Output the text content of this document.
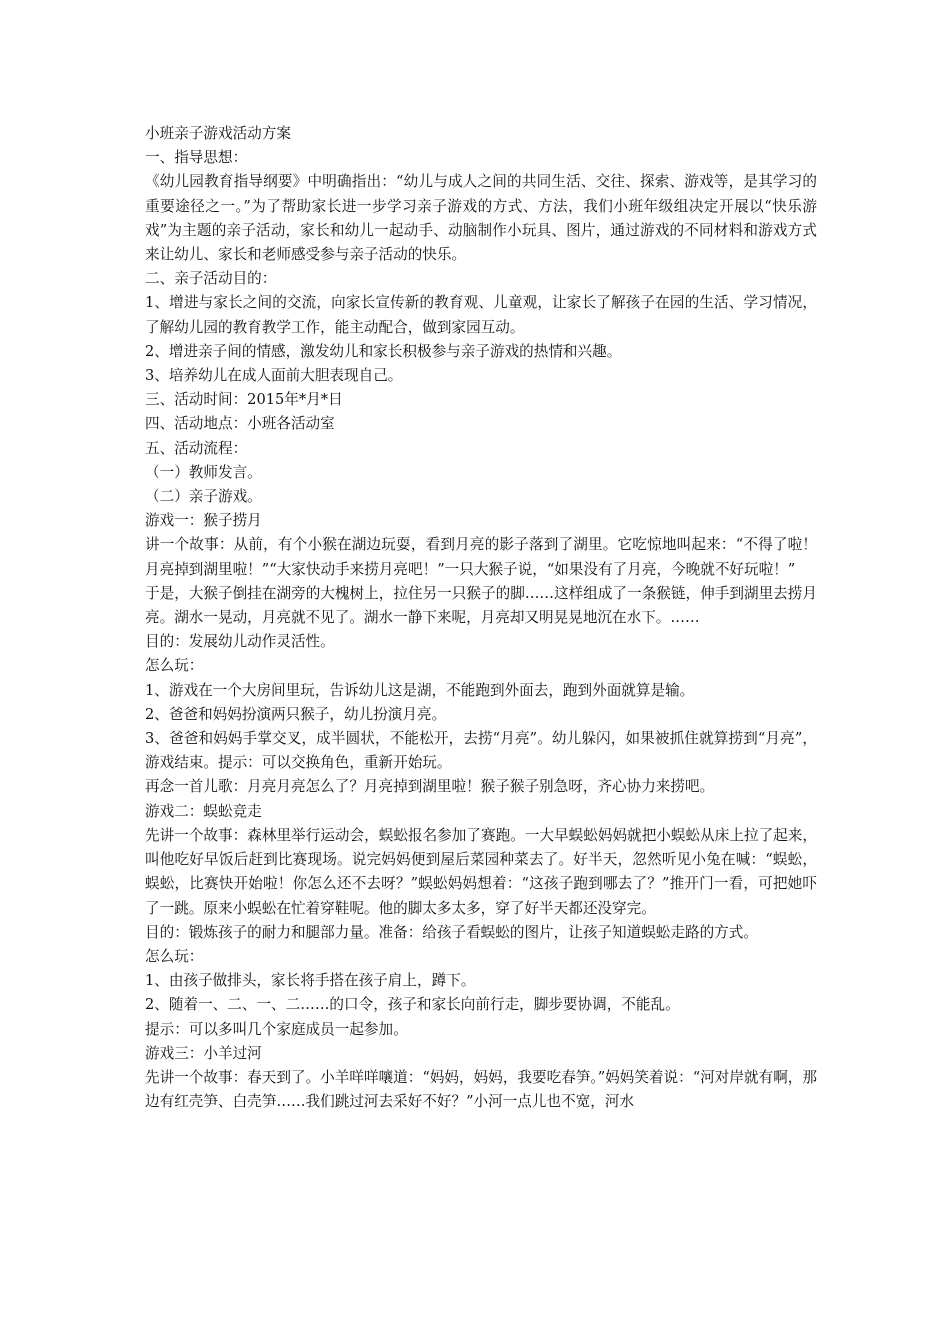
小班亲子游戏活动方案

一、指导思想：

《幼儿园教育指导纲要》中明确指出：“幼儿与成人之间的共同生活、交往、探索、游戏等，是其学习的重要途径之一。”为了帮助家长进一步学习亲子游戏的方式、方法，我们小班年级组决定开展以“快乐游戏”为主题的亲子活动，家长和幼儿一起动手、动脑制作小玩具、图片，通过游戏的不同材料和游戏方式来让幼儿、家长和老师感受参与亲子活动的快乐。

二、亲子活动目的：

1、增进与家长之间的交流，向家长宣传新的教育观、儿童观，让家长了解孩子在园的生活、学习情况，了解幼儿园的教育教学工作，能主动配合，做到家园互动。

2、增进亲子间的情感，激发幼儿和家长积极参与亲子游戏的热情和兴趣。

3、培养幼儿在成人面前大胆表现自己。

三、活动时间：2015年*月*日

四、活动地点：小班各活动室

五、活动流程：

（一）教师发言。

（二）亲子游戏。

游戏一：猴子捞月

讲一个故事：从前，有个小猴在湖边玩耍，看到月亮的影子落到了湖里。它吃惊地叫起来：“不得了啦！月亮掉到湖里啦！”“大家快动手来捞月亮吧！”一只大猴子说，“如果没有了月亮，今晚就不好玩啦！”

于是，大猴子倒挂在湖旁的大槐树上，拉住另一只猴子的脚……这样组成了一条猴链，伸手到湖里去捞月亮。湖水一晃动，月亮就不见了。湖水一静下来呢，月亮却又明晃晃地沉在水下。……

目的：发展幼儿动作灵活性。

怎么玩：

1、游戏在一个大房间里玩，告诉幼儿这是湖，不能跑到外面去，跑到外面就算是输。

2、爸爸和妈妈扮演两只猴子，幼儿扮演月亮。

3、爸爸和妈妈手掌交叉，成半圆状，不能松开，去捞“月亮”。幼儿躲闪，如果被抓住就算捞到“月亮”，游戏结束。提示：可以交换角色，重新开始玩。

再念一首儿歌：月亮月亮怎么了？月亮掉到湖里啦！猴子猴子别急呀，齐心协力来捞吧。

游戏二：蜈蚣竞走

先讲一个故事：森林里举行运动会，蜈蚣报名参加了赛跑。一大早蜈蚣妈妈就把小蜈蚣从床上拉了起来，叫他吃好早饭后赶到比赛现场。说完妈妈便到屋后菜园种菜去了。好半天，忽然听见小兔在喊：“蜈蚣，蜈蚣，比赛快开始啦！你怎么还不去呀？”蜈蚣妈妈想着：“这孩子跑到哪去了？”推开门一看，可把她吓了一跳。原来小蜈蚣在忙着穿鞋呢。他的脚太多太多，穿了好半天都还没穿完。

目的：锻炼孩子的耐力和腿部力量。准备：给孩子看蜈蚣的图片，让孩子知道蜈蚣走路的方式。

怎么玩：

1、由孩子做排头，家长将手搭在孩子肩上，蹲下。

2、随着一、二、一、二……的口令，孩子和家长向前行走，脚步要协调，不能乱。

提示：可以多叫几个家庭成员一起参加。

游戏三：小羊过河

先讲一个故事：春天到了。小羊咩咩嚷道：“妈妈，妈妈，我要吃春笋。”妈妈笑着说：“河对岸就有啊，那边有红壳笋、白壳笋……我们跳过河去采好不好？”小河一点儿也不宽，河水
